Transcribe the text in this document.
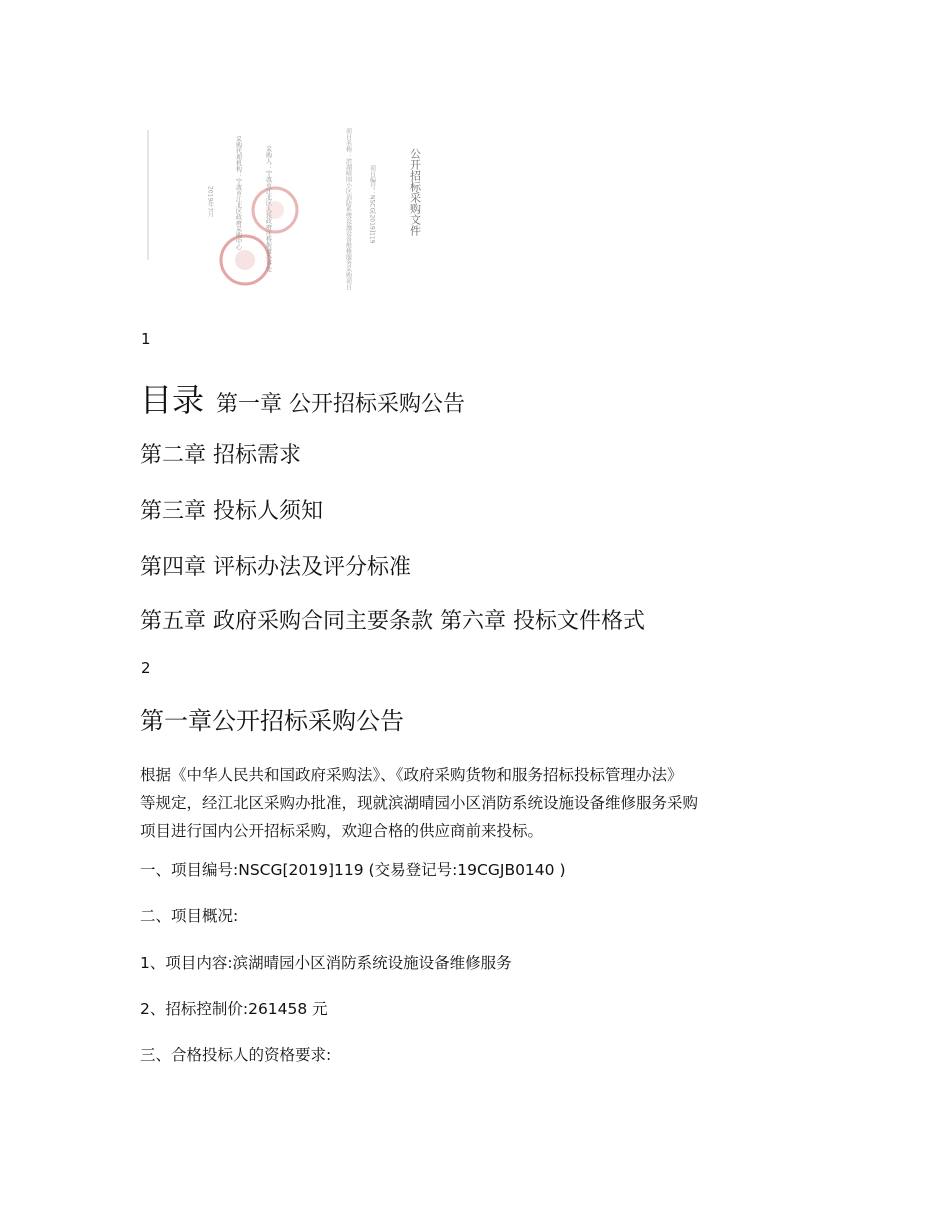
公开招标采购文件
项目编号：NSCG[2019]119
项目名称：滨湖晴园小区消防系统设施设备维修服务采购项目
采购人：宁波市江北区人民政府庄桥街道办事处
采购代理机构：宁波市江北区政府采购中心
2019年7月
1
目录 第一章 公开招标采购公告
第二章 招标需求
第三章 投标人须知
第四章 评标办法及评分标准
第五章 政府采购合同主要条款 第六章 投标文件格式
2
第一章公开招标采购公告
根据《中华人民共和国政府采购法》、《政府采购货物和服务招标投标管理办法》
等规定，经江北区采购办批准，现就滨湖晴园小区消防系统设施设备维修服务采购
项目进行国内公开招标采购，欢迎合格的供应商前来投标。
一、项目编号:NSCG[2019]119 (交易登记号:19CGJB0140 )
二、项目概况:
1、项目内容:滨湖晴园小区消防系统设施设备维修服务
2、招标控制价:261458 元
三、合格投标人的资格要求:
